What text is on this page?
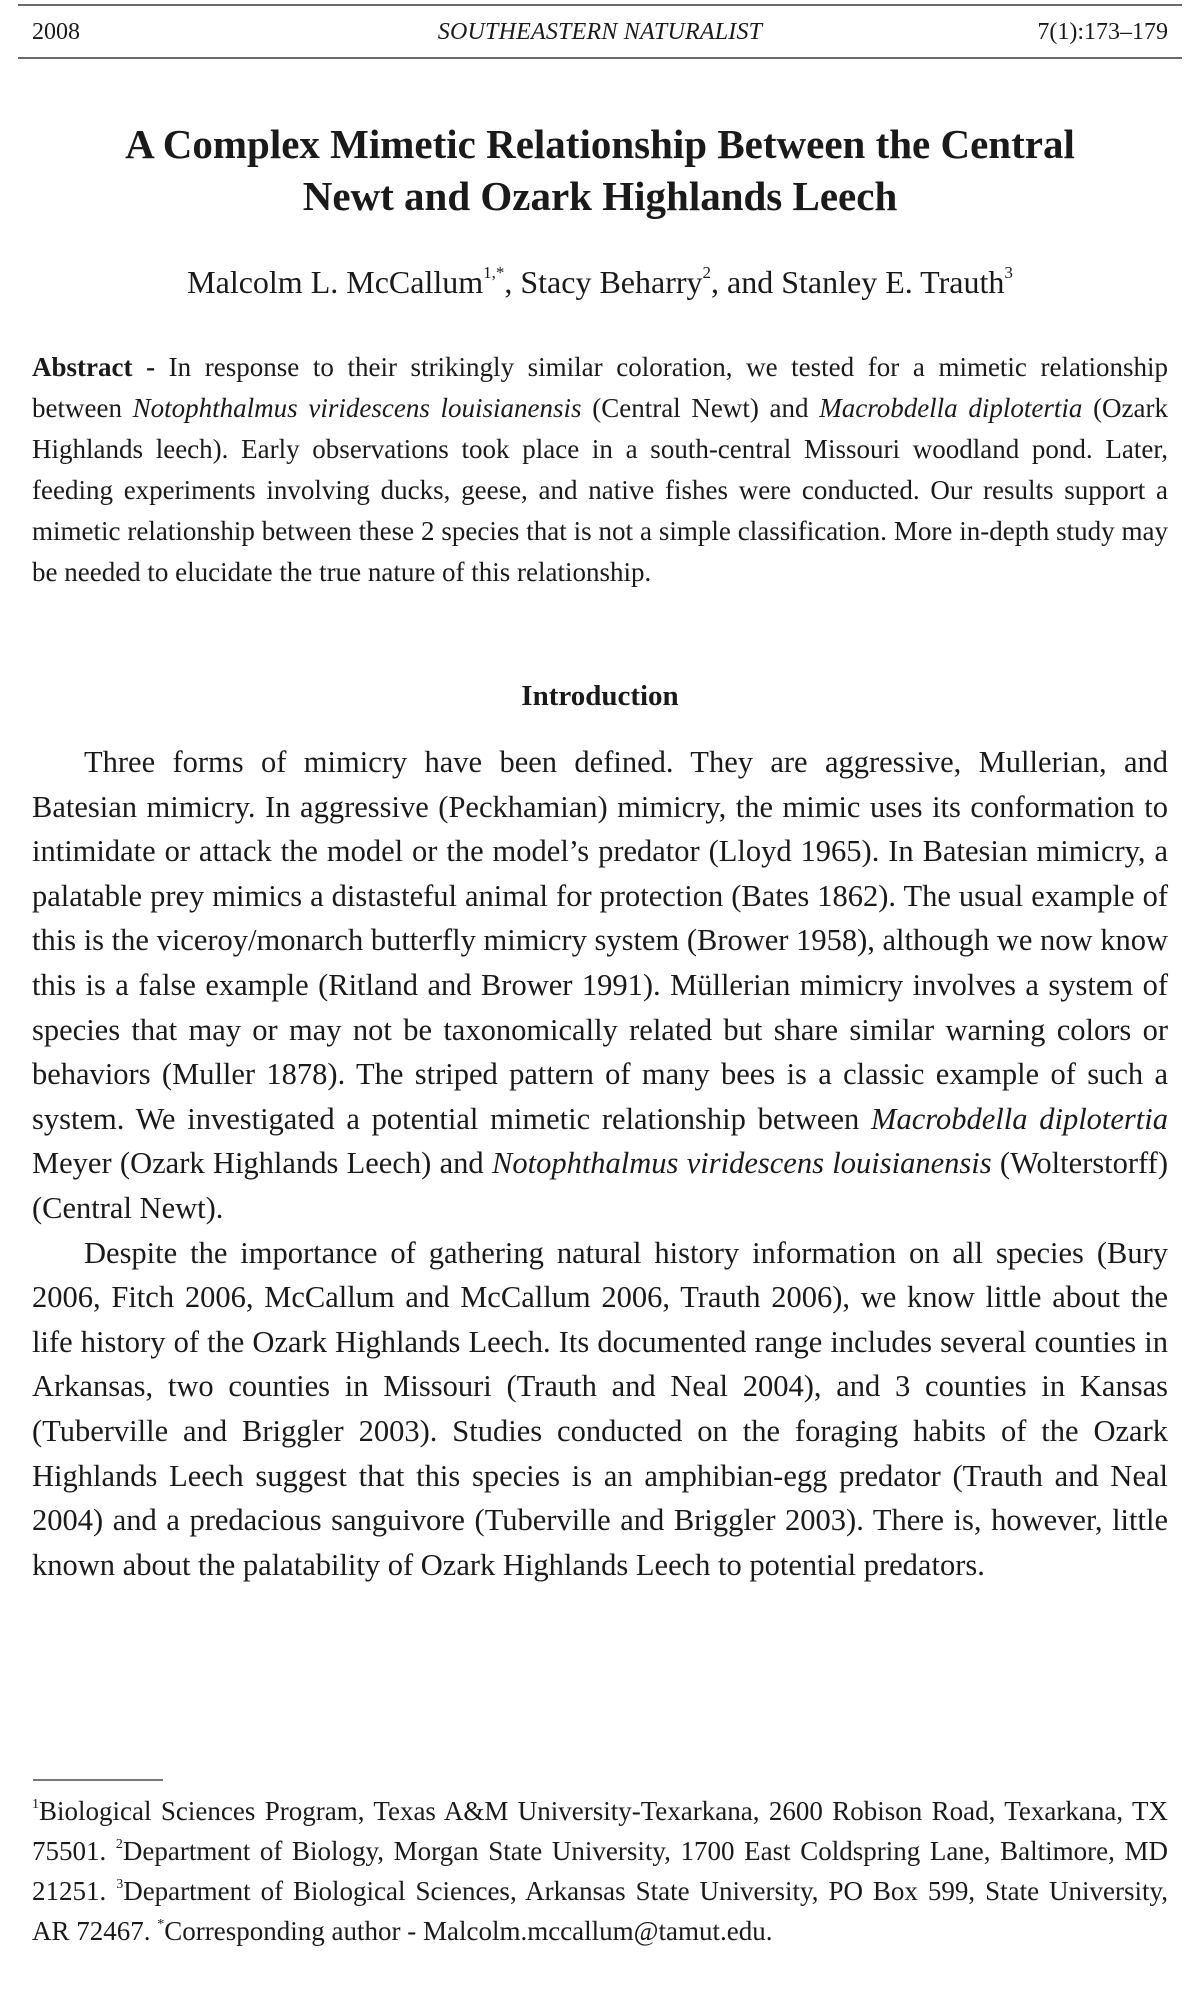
2008	SOUTHEASTERN NATURALIST	7(1):173–179
A Complex Mimetic Relationship Between the Central
Newt and Ozark Highlands Leech
Malcolm L. McCallum$^{1,*}$, Stacy Beharry$^2$, and Stanley E. Trauth$^3$
Abstract - In response to their strikingly similar coloration, we tested for a mimetic relationship between Notophthalmus viridescens louisianensis (Central Newt) and Macrobdella diplotertia (Ozark Highlands leech). Early observations took place in a south-central Missouri woodland pond. Later, feeding experiments involving ducks, geese, and native fishes were conducted. Our results support a mimetic relationship between these 2 species that is not a simple classification. More in-depth study may be needed to elucidate the true nature of this relationship.
Introduction

Three forms of mimicry have been defined. They are aggressive, Mullerian, and Batesian mimicry. In aggressive (Peckhamian) mimicry, the mimic uses its conformation to intimidate or attack the model or the model’s predator (Lloyd 1965). In Batesian mimicry, a palatable prey mimics a distasteful animal for protection (Bates 1862). The usual example of this is the viceroy/monarch butterfly mimicry system (Brower 1958), although we now know this is a false example (Ritland and Brower 1991). Müllerian mimicry involves a system of species that may or may not be taxonomically related but share similar warning colors or behaviors (Muller 1878). The striped pattern of many bees is a classic example of such a system. We investigated a potential mimetic relationship between Macrobdella diplotertia Meyer (Ozark Highlands Leech) and Notophthalmus viridescens louisianensis (Wolterstorff) (Central Newt).

Despite the importance of gathering natural history information on all species (Bury 2006, Fitch 2006, McCallum and McCallum 2006, Trauth 2006), we know little about the life history of the Ozark Highlands Leech. Its documented range includes several counties in Arkansas, two counties in Missouri (Trauth and Neal 2004), and 3 counties in Kansas (Tuberville and Briggler 2003). Studies conducted on the foraging habits of the Ozark Highlands Leech suggest that this species is an amphibian-egg predator (Trauth and Neal 2004) and a predacious sanguivore (Tuberville and Briggler 2003). There is, however, little known about the palatability of Ozark Highlands Leech to potential predators.

$^1$Biological Sciences Program, Texas A&M University-Texarkana, 2600 Robison Road, Texarkana, TX 75501. $^2$Department of Biology, Morgan State University, 1700 East Coldspring Lane, Baltimore, MD 21251. $^3$Department of Biological Sciences, Arkansas State University, PO Box 599, State University, AR 72467. *Corresponding author - Malcolm.mccallum@tamut.edu.
